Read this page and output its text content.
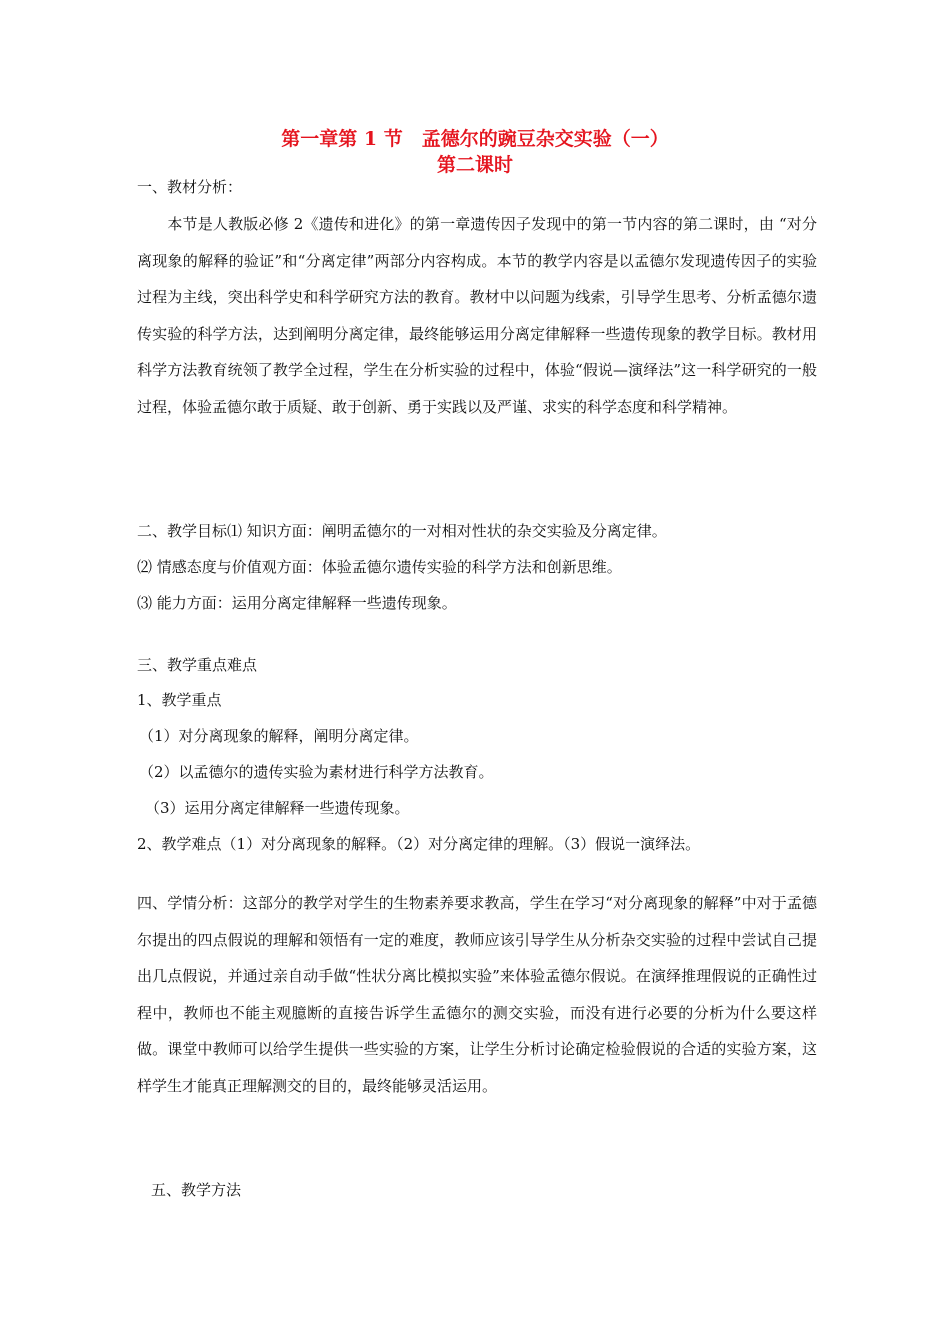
第一章第 1 节　孟德尔的豌豆杂交实验（一）
第二课时
一、教材分析：

　　本节是人教版必修 2《遗传和进化》的第一章遗传因子发现中的第一节内容的第二课时，由 “对分离现象的解释的验证”和“分离定律”两部分内容构成。本节的教学内容是以孟德尔发现遗传因子的实验过程为主线，突出科学史和科学研究方法的教育。教材中以问题为线索，引导学生思考、分析孟德尔遗传实验的科学方法，达到阐明分离定律，最终能够运用分离定律解释一些遗传现象的教学目标。教材用科学方法教育统领了教学全过程，学生在分析实验的过程中，体验“假说—演绎法”这一科学研究的一般过程，体验孟德尔敢于质疑、敢于创新、勇于实践以及严谨、求实的科学态度和科学精神。

二、教学目标⑴ 知识方面：阐明孟德尔的一对相对性状的杂交实验及分离定律。
⑵ 情感态度与价值观方面：体验孟德尔遗传实验的科学方法和创新思维。
⑶ 能力方面：运用分离定律解释一些遗传现象。
三、教学重点难点
1、教学重点
（1）对分离现象的解释，阐明分离定律。
（2）以孟德尔的遗传实验为素材进行科学方法教育。
（3）运用分离定律解释一些遗传现象。
2、教学难点（1）对分离现象的解释。（2）对分离定律的理解。（3）假说一演绎法。

四、学情分析：这部分的教学对学生的生物素养要求教高，学生在学习“对分离现象的解释”中对于孟德尔提出的四点假说的理解和领悟有一定的难度，教师应该引导学生从分析杂交实验的过程中尝试自己提出几点假说，并通过亲自动手做“性状分离比模拟实验”来体验孟德尔假说。在演绎推理假说的正确性过程中，教师也不能主观臆断的直接告诉学生孟德尔的测交实验，而没有进行必要的分析为什么要这样做。课堂中教师可以给学生提供一些实验的方案，让学生分析讨论确定检验假说的合适的实验方案，这样学生才能真正理解测交的目的，最终能够灵活运用。

五、教学方法
